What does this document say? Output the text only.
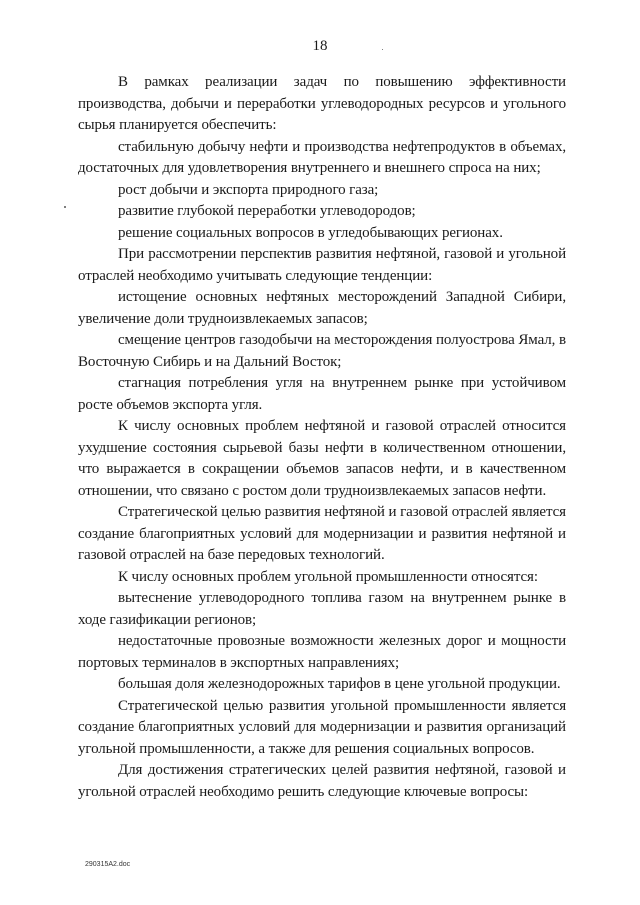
18

В рамках реализации задач по повышению эффективности производства, добычи и переработки углеводородных ресурсов и угольного сырья планируется обеспечить:

стабильную добычу нефти и производства нефтепродуктов в объемах, достаточных для удовлетворения внутреннего и внешнего спроса на них;

рост добычи и экспорта природного газа;

развитие глубокой переработки углеводородов;

решение социальных вопросов в угледобывающих регионах.

При рассмотрении перспектив развития нефтяной, газовой и угольной отраслей необходимо учитывать следующие тенденции:

истощение основных нефтяных месторождений Западной Сибири, увеличение доли трудноизвлекаемых запасов;

смещение центров газодобычи на месторождения полуострова Ямал, в Восточную Сибирь и на Дальний Восток;

стагнация потребления угля на внутреннем рынке при устойчивом росте объемов экспорта угля.

К числу основных проблем нефтяной и газовой отраслей относится ухудшение состояния сырьевой базы нефти в количественном отношении, что выражается в сокращении объемов запасов нефти, и в качественном отношении, что связано с ростом доли трудноизвлекаемых запасов нефти.

Стратегической целью развития нефтяной и газовой отраслей является создание благоприятных условий для модернизации и развития нефтяной и газовой отраслей на базе передовых технологий.

К числу основных проблем угольной промышленности относятся:

вытеснение углеводородного топлива газом на внутреннем рынке в ходе газификации регионов;

недостаточные провозные возможности железных дорог и мощности портовых терминалов в экспортных направлениях;

большая доля железнодорожных тарифов в цене угольной продукции.

Стратегической целью развития угольной промышленности является создание благоприятных условий для модернизации и развития организаций угольной промышленности, а также для решения социальных вопросов.

Для достижения стратегических целей развития нефтяной, газовой и угольной отраслей необходимо решить следующие ключевые вопросы:

290315A2.doc
